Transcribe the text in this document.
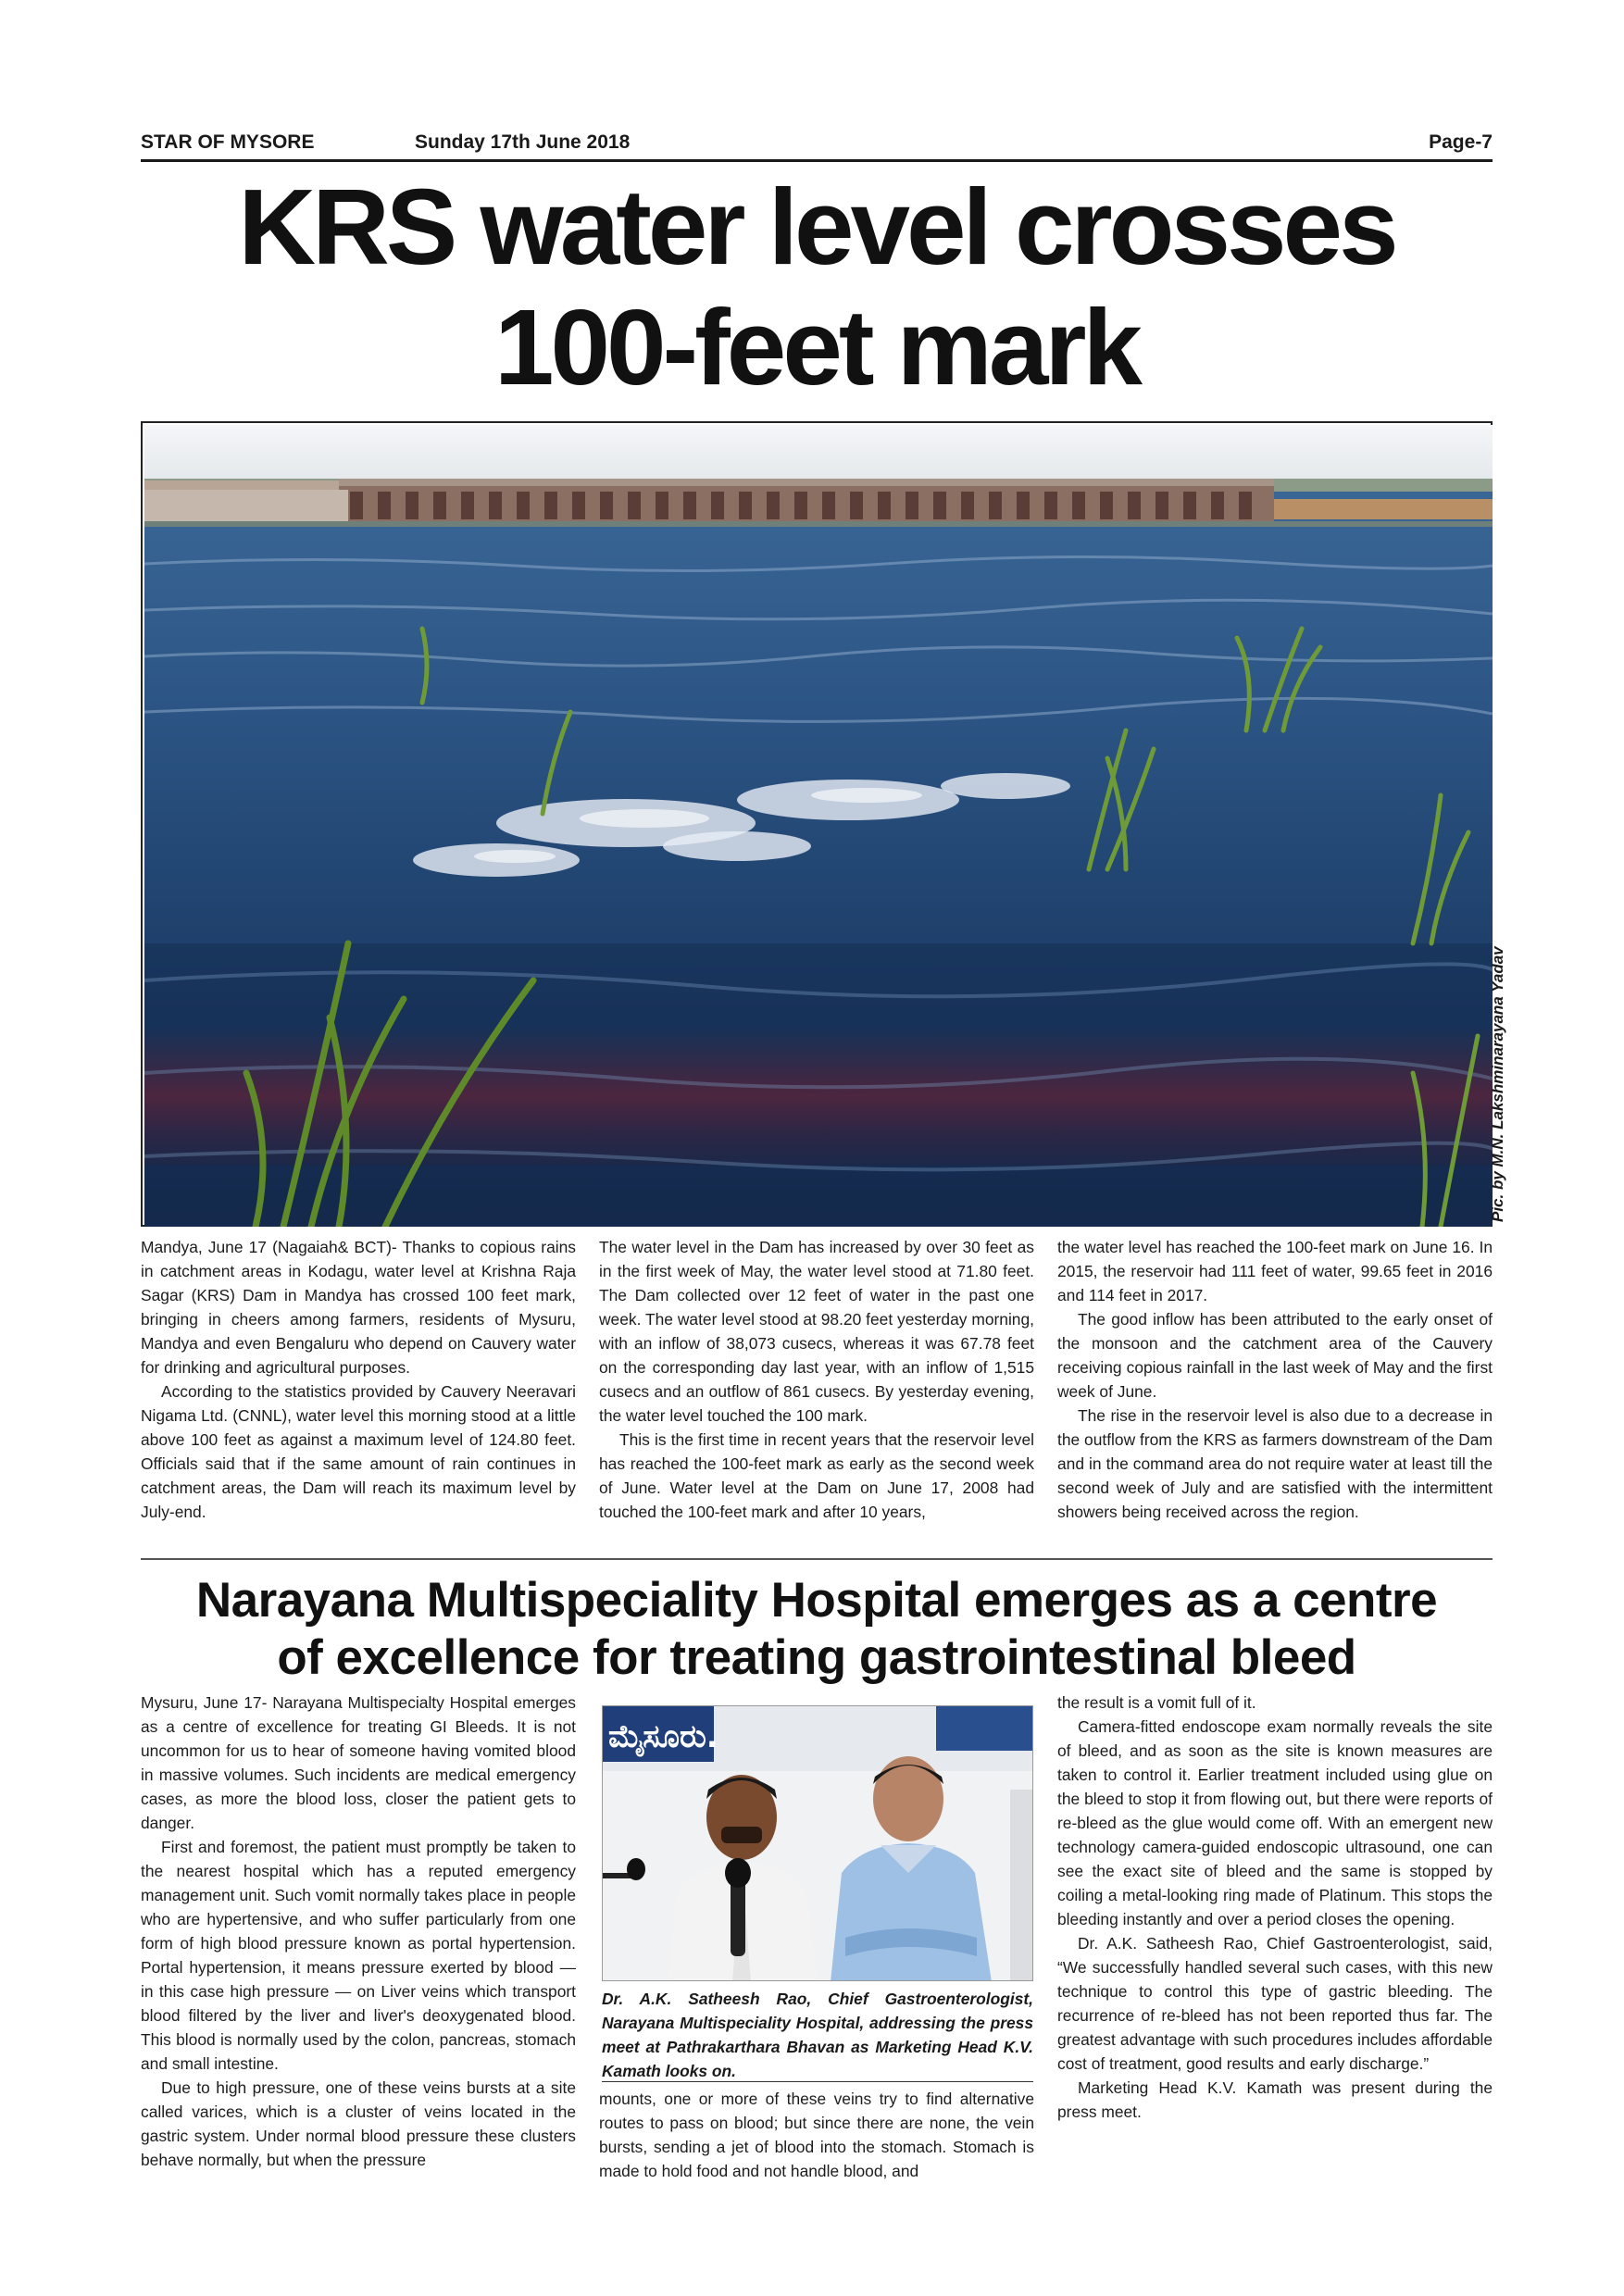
STAR OF MYSORE	Sunday 17th June 2018	Page-7
KRS water level crosses
100-feet mark
Pic. by M.N. Lakshminarayana Yadav

Mandya, June 17 (Nagaiah& BCT)- Thanks to copious rains in catchment areas in Kodagu, water level at Krishna Raja Sagar (KRS) Dam in Mandya has crossed 100 feet mark, bringing in cheers among farmers, residents of Mysuru, Mandya and even Bengaluru who depend on Cauvery water for drinking and agricultural purposes.

According to the statistics provided by Cauvery Neeravari Nigama Ltd. (CNNL), water level this morning stood at a little above 100 feet as against a maximum level of 124.80 feet. Officials said that if the same amount of rain continues in catchment areas, the Dam will reach its maximum level by July-end.

The water level in the Dam has increased by over 30 feet as in the first week of May, the water level stood at 71.80 feet. The Dam collected over 12 feet of water in the past one week. The water level stood at 98.20 feet yesterday morning, with an inflow of 38,073 cusecs, whereas it was 67.78 feet on the corresponding day last year, with an inflow of 1,515 cusecs and an outflow of 861 cusecs. By yesterday evening, the water level touched the 100 mark.

This is the first time in recent years that the reservoir level has reached the 100-feet mark as early as the second week of June. Water level at the Dam on June 17, 2008 had touched the 100-feet mark and after 10 years,

the water level has reached the 100-feet mark on June 16. In 2015, the reservoir had 111 feet of water, 99.65 feet in 2016 and 114 feet in 2017.

The good inflow has been attributed to the early onset of the monsoon and the catchment area of the Cauvery receiving copious rainfall in the last week of May and the first week of June.

The rise in the reservoir level is also due to a decrease in the outflow from the KRS as farmers downstream of the Dam and in the command area do not require water at least till the second week of July and are satisfied with the intermittent showers being received across the region.

Narayana Multispeciality Hospital emerges as a centre
of excellence for treating gastrointestinal bleed

Mysuru, June 17- Narayana Multispecialty Hospital emerges as a centre of excellence for treating GI Bleeds. It is not uncommon for us to hear of someone having vomited blood in massive volumes. Such incidents are medical emergency cases, as more the blood loss, closer the patient gets to danger.

First and foremost, the patient must promptly be taken to the nearest hospital which has a reputed emergency management unit. Such vomit normally takes place in people who are hypertensive, and who suffer particularly from one form of high blood pressure known as portal hypertension. Portal hypertension, it means pressure exerted by blood — in this case high pressure — on Liver veins which transport blood filtered by the liver and liver's deoxygenated blood. This blood is normally used by the colon, pancreas, stomach and small intestine.

Due to high pressure, one of these veins bursts at a site called varices, which is a cluster of veins located in the gastric system. Under normal blood pressure these clusters behave normally, but when the pressure

ಮೈಸೂರು.
Dr. A.K. Satheesh Rao, Chief Gastroenterologist, Narayana Multispeciality Hospital, addressing the press meet at Pathrakarthara Bhavan as Marketing Head K.V. Kamath looks on.

mounts, one or more of these veins try to find alternative routes to pass on blood; but since there are none, the vein bursts, sending a jet of blood into the stomach. Stomach is made to hold food and not handle blood, and

the result is a vomit full of it.

Camera-fitted endoscope exam normally reveals the site of bleed, and as soon as the site is known measures are taken to control it. Earlier treatment included using glue on the bleed to stop it from flowing out, but there were reports of re-bleed as the glue would come off. With an emergent new technology camera-guided endoscopic ultrasound, one can see the exact site of bleed and the same is stopped by coiling a metal-looking ring made of Platinum. This stops the bleeding instantly and over a period closes the opening.

Dr. A.K. Satheesh Rao, Chief Gastroenterologist, said, “We successfully handled several such cases, with this new technique to control this type of gastric bleeding. The recurrence of re-bleed has not been reported thus far. The greatest advantage with such procedures includes affordable cost of treatment, good results and early discharge.”

Marketing Head K.V. Kamath was present during the press meet.
